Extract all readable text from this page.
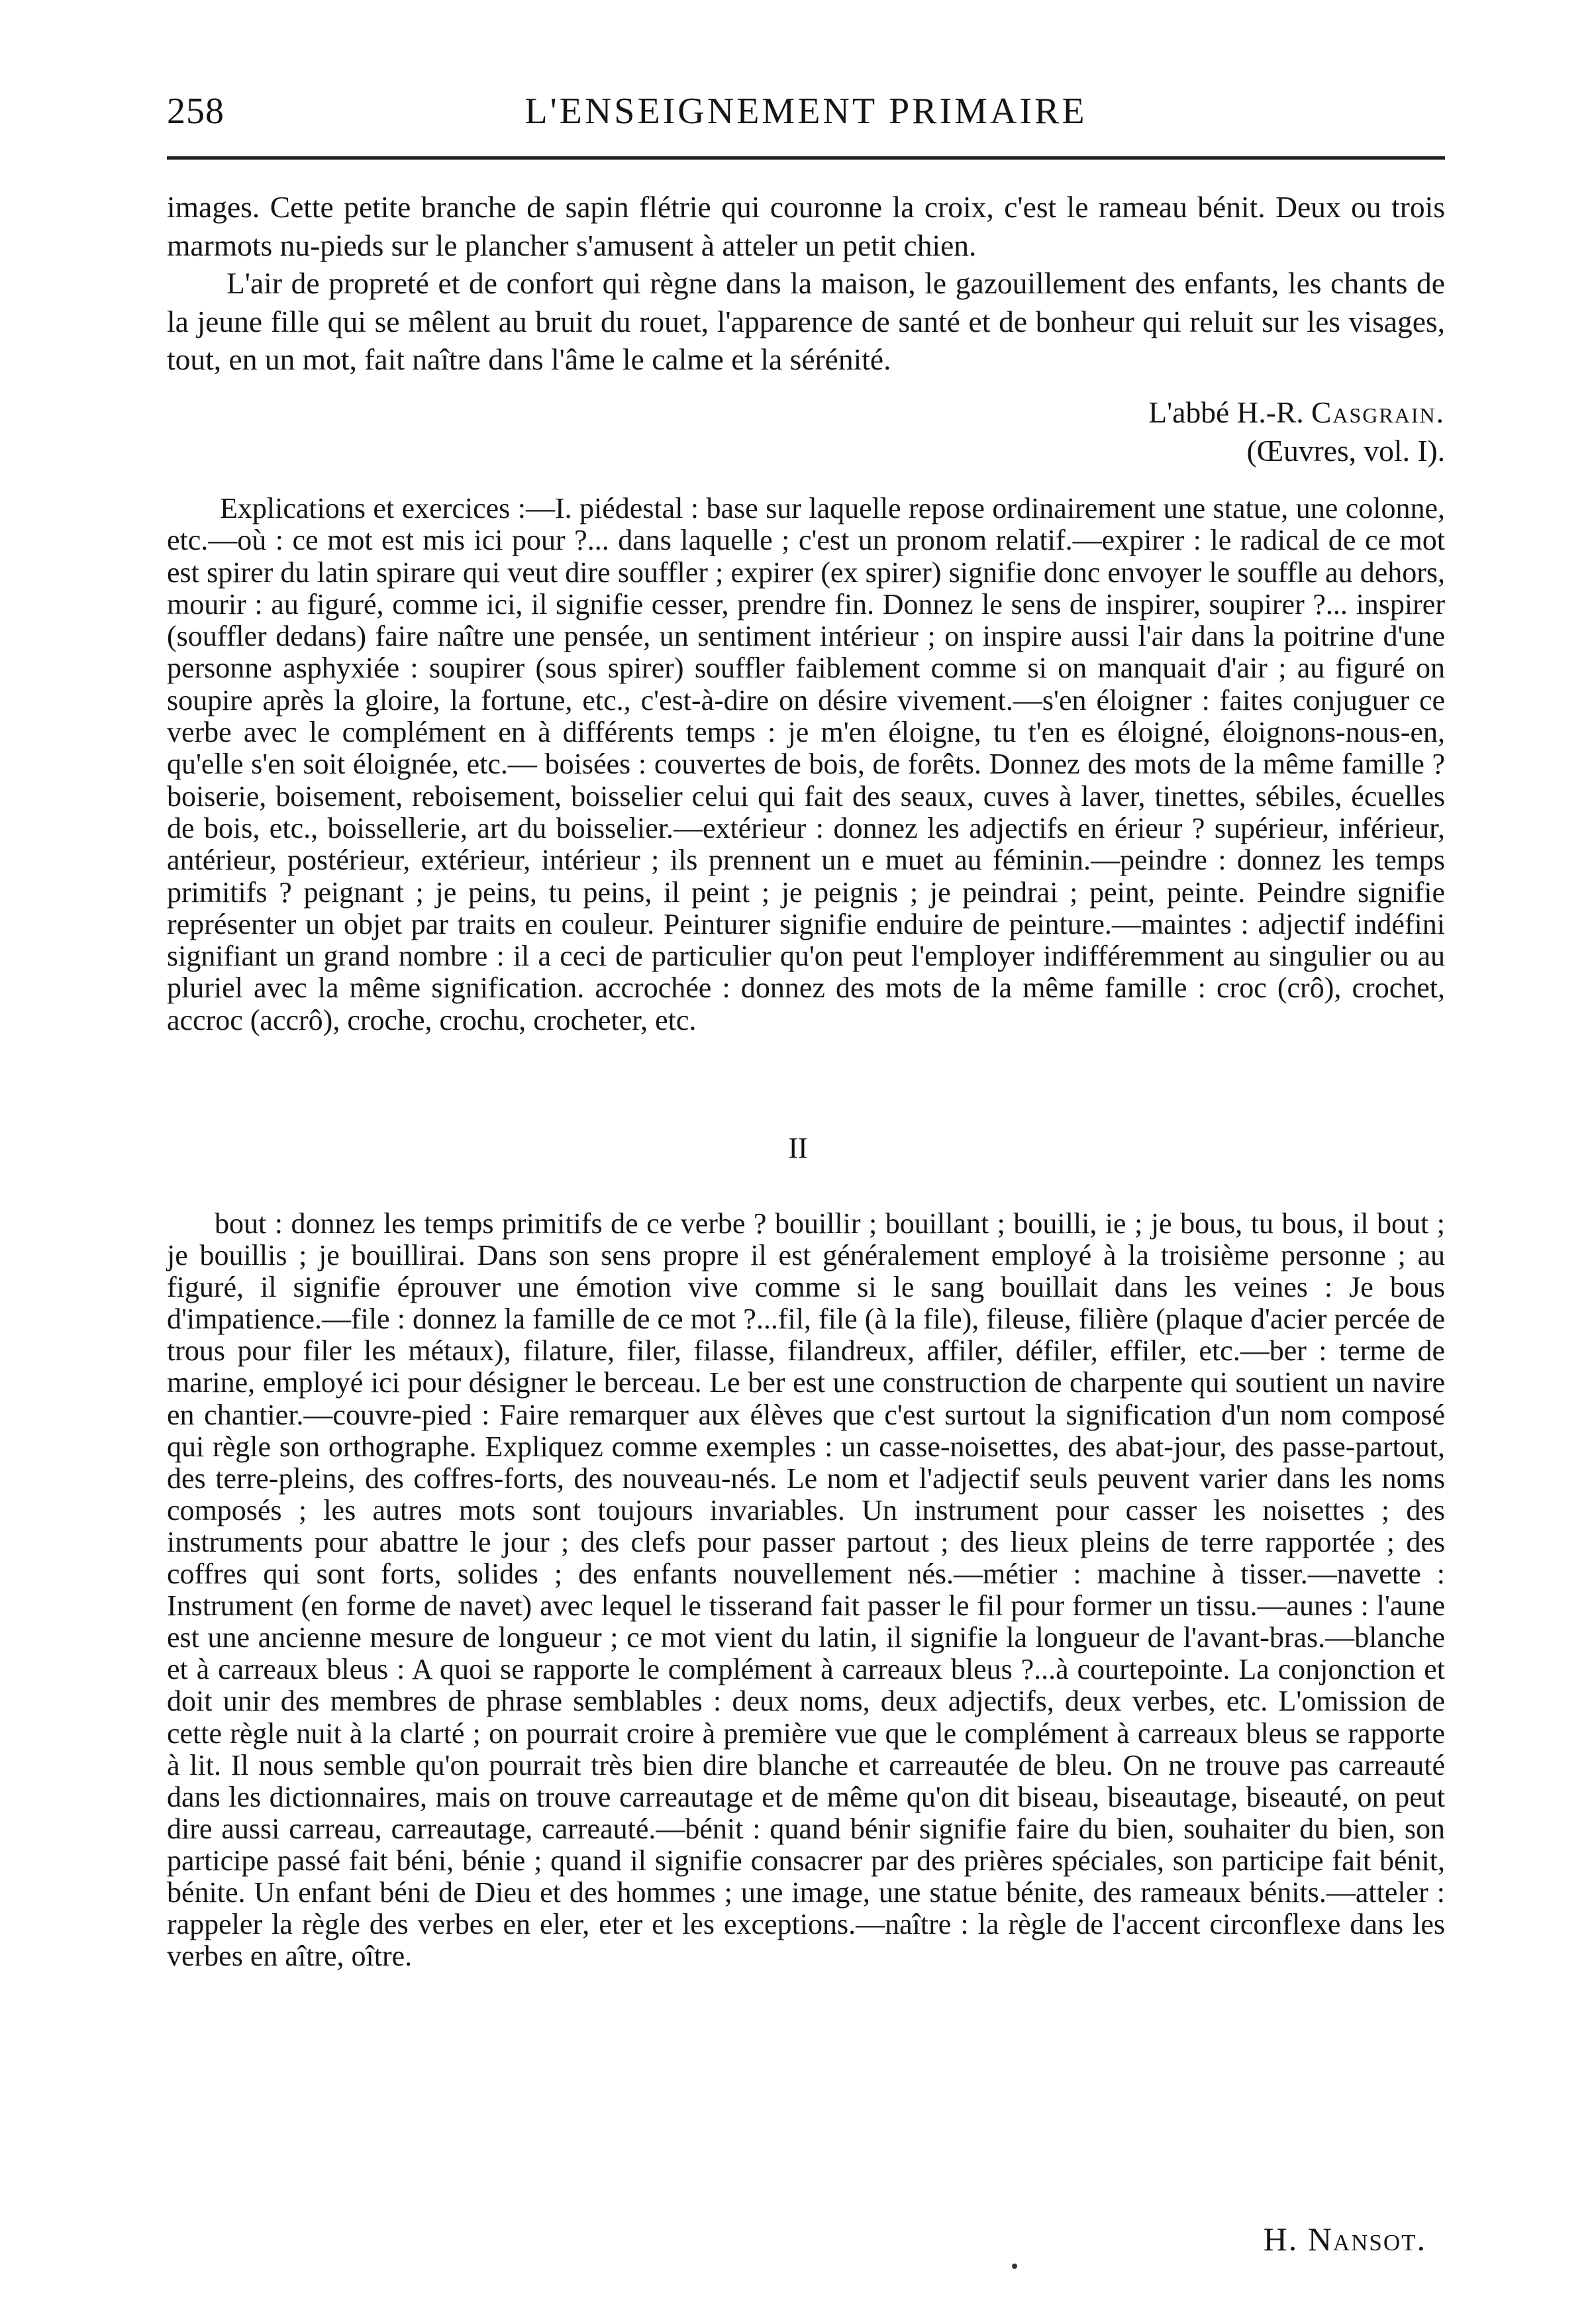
258	L'ENSEIGNEMENT PRIMAIRE

images. Cette petite branche de sapin flétrie qui couronne la croix, c'est le rameau bénit. Deux ou trois marmots nu-pieds sur le plancher s'amusent à atteler un petit chien.

L'air de propreté et de confort qui règne dans la maison, le gazouillement des enfants, les chants de la jeune fille qui se mêlent au bruit du rouet, l'apparence de santé et de bonheur qui reluit sur les visages, tout, en un mot, fait naître dans l'âme le calme et la sérénité.

L'abbé H.-R. Casgrain.
(Œuvres, vol. I).

Explications et exercices :—I. piédestal : base sur laquelle repose ordinairement une statue, une colonne, etc.—où : ce mot est mis ici pour ?... dans laquelle ; c'est un pronom relatif.—expirer : le radical de ce mot est spirer du latin spirare qui veut dire souffler ; expirer (ex spirer) signifie donc envoyer le souffle au dehors, mourir : au figuré, comme ici, il signifie cesser, prendre fin. Donnez le sens de inspirer, soupirer ?... inspirer (souffler dedans) faire naître une pensée, un sentiment intérieur ; on inspire aussi l'air dans la poitrine d'une personne asphyxiée : soupirer (sous spirer) souffler faiblement comme si on manquait d'air ; au figuré on soupire après la gloire, la fortune, etc., c'est-à-dire on désire vivement.—s'en éloigner : faites conjuguer ce verbe avec le complément en à différents temps : je m'en éloigne, tu t'en es éloigné, éloignons-nous-en, qu'elle s'en soit éloignée, etc.— boisées : couvertes de bois, de forêts. Donnez des mots de la même famille ? boiserie, boisement, reboisement, boisselier celui qui fait des seaux, cuves à laver, tinettes, sébiles, écuelles de bois, etc., boissellerie, art du boisselier.—extérieur : donnez les adjectifs en érieur ? supérieur, inférieur, antérieur, postérieur, extérieur, intérieur ; ils prennent un e muet au féminin.—peindre : donnez les temps primitifs ? peignant ; je peins, tu peins, il peint ; je peignis ; je peindrai ; peint, peinte. Peindre signifie représenter un objet par traits en couleur. Peinturer signifie enduire de peinture.—maintes : adjectif indéfini signifiant un grand nombre : il a ceci de particulier qu'on peut l'employer indifféremment au singulier ou au pluriel avec la même signification. accrochée : donnez des mots de la même famille : croc (crô), crochet, accroc (accrô), croche, crochu, crocheter, etc.

II

bout : donnez les temps primitifs de ce verbe ? bouillir ; bouillant ; bouilli, ie ; je bous, tu bous, il bout ; je bouillis ; je bouillirai. Dans son sens propre il est généralement employé à la troisième personne ; au figuré, il signifie éprouver une émotion vive comme si le sang bouillait dans les veines : Je bous d'impatience.—file : donnez la famille de ce mot ?...fil, file (à la file), fileuse, filière (plaque d'acier percée de trous pour filer les métaux), filature, filer, filasse, filandreux, affiler, défiler, effiler, etc.—ber : terme de marine, employé ici pour désigner le berceau. Le ber est une construction de charpente qui soutient un navire en chantier.—couvre-pied : Faire remarquer aux élèves que c'est surtout la signification d'un nom composé qui règle son orthographe. Expliquez comme exemples : un casse-noisettes, des abat-jour, des passe-partout, des terre-pleins, des coffres-forts, des nouveau-nés. Le nom et l'adjectif seuls peuvent varier dans les noms composés ; les autres mots sont toujours invariables. Un instrument pour casser les noisettes ; des instruments pour abattre le jour ; des clefs pour passer partout ; des lieux pleins de terre rapportée ; des coffres qui sont forts, solides ; des enfants nouvellement nés.—métier : machine à tisser.—navette : Instrument (en forme de navet) avec lequel le tisserand fait passer le fil pour former un tissu.—aunes : l'aune est une ancienne mesure de longueur ; ce mot vient du latin, il signifie la longueur de l'avant-bras.—blanche et à carreaux bleus : A quoi se rapporte le complément à carreaux bleus ?...à courtepointe. La conjonction et doit unir des membres de phrase semblables : deux noms, deux adjectifs, deux verbes, etc. L'omission de cette règle nuit à la clarté ; on pourrait croire à première vue que le complément à carreaux bleus se rapporte à lit. Il nous semble qu'on pourrait très bien dire blanche et carreautée de bleu. On ne trouve pas carreauté dans les dictionnaires, mais on trouve carreautage et de même qu'on dit biseau, biseautage, biseauté, on peut dire aussi carreau, carreautage, carreauté.—bénit : quand bénir signifie faire du bien, souhaiter du bien, son participe passé fait béni, bénie ; quand il signifie consacrer par des prières spéciales, son participe fait bénit, bénite. Un enfant béni de Dieu et des hommes ; une image, une statue bénite, des rameaux bénits.—atteler : rappeler la règle des verbes en eler, eter et les exceptions.—naître : la règle de l'accent circonflexe dans les verbes en aître, oître.

H. Nansot.
